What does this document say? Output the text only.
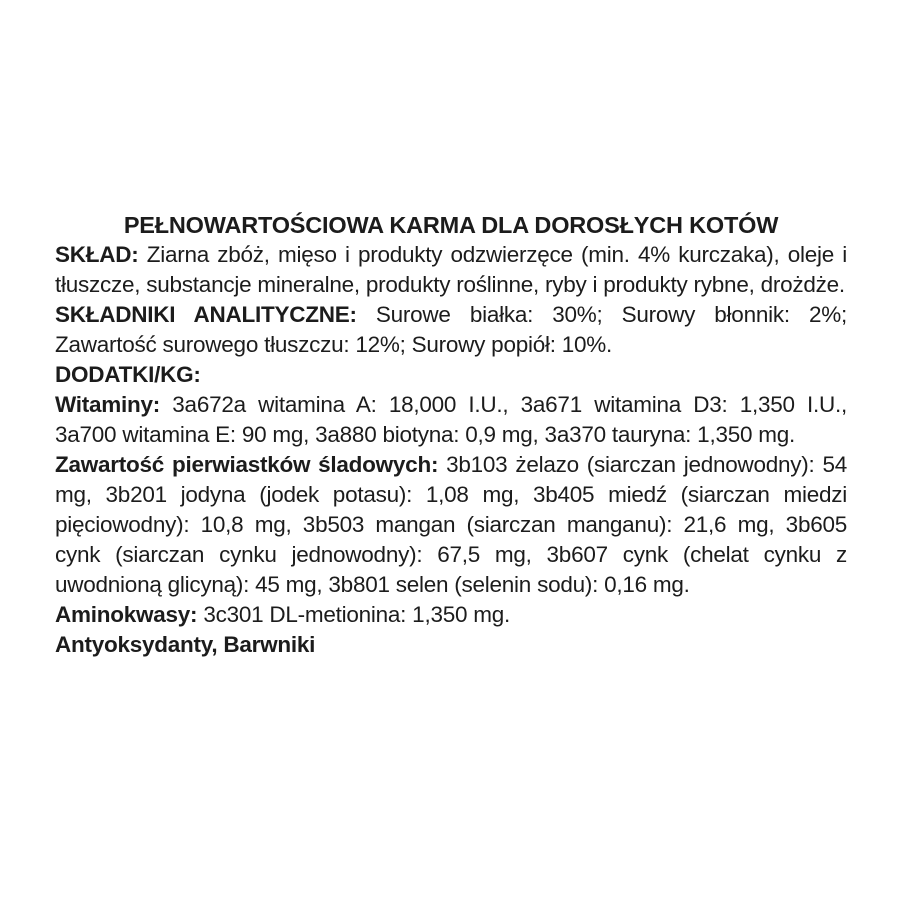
PEŁNOWARTOŚCIOWA KARMA DLA DOROSŁYCH KOTÓW

SKŁAD: Ziarna zbóż, mięso i produkty odzwierzęce (min. 4% kurczaka), oleje i tłuszcze, substancje mineralne, produkty roślinne, ryby i produkty rybne, drożdże.

SKŁADNIKI ANALITYCZNE: Surowe białka: 30%; Surowy błonnik: 2%; Zawartość surowego tłuszczu: 12%; Surowy popiół: 10%.

DODATKI/KG:

Witaminy: 3a672a witamina A: 18,000 I.U., 3a671 witamina D3: 1,350 I.U., 3a700 witamina E: 90 mg, 3a880 biotyna: 0,9 mg, 3a370 tauryna: 1,350 mg.

Zawartość pierwiastków śladowych: 3b103 żelazo (siarczan jednowodny): 54 mg, 3b201 jodyna (jodek potasu): 1,08 mg, 3b405 miedź (siarczan miedzi pięciowodny): 10,8 mg, 3b503 mangan (siarczan manganu): 21,6 mg, 3b605 cynk (siarczan cynku jednowodny): 67,5 mg, 3b607 cynk (chelat cynku z uwodnioną glicyną): 45 mg, 3b801 selen (selenin sodu): 0,16 mg.

Aminokwasy: 3c301 DL-metionina: 1,350 mg.

Antyoksydanty, Barwniki
